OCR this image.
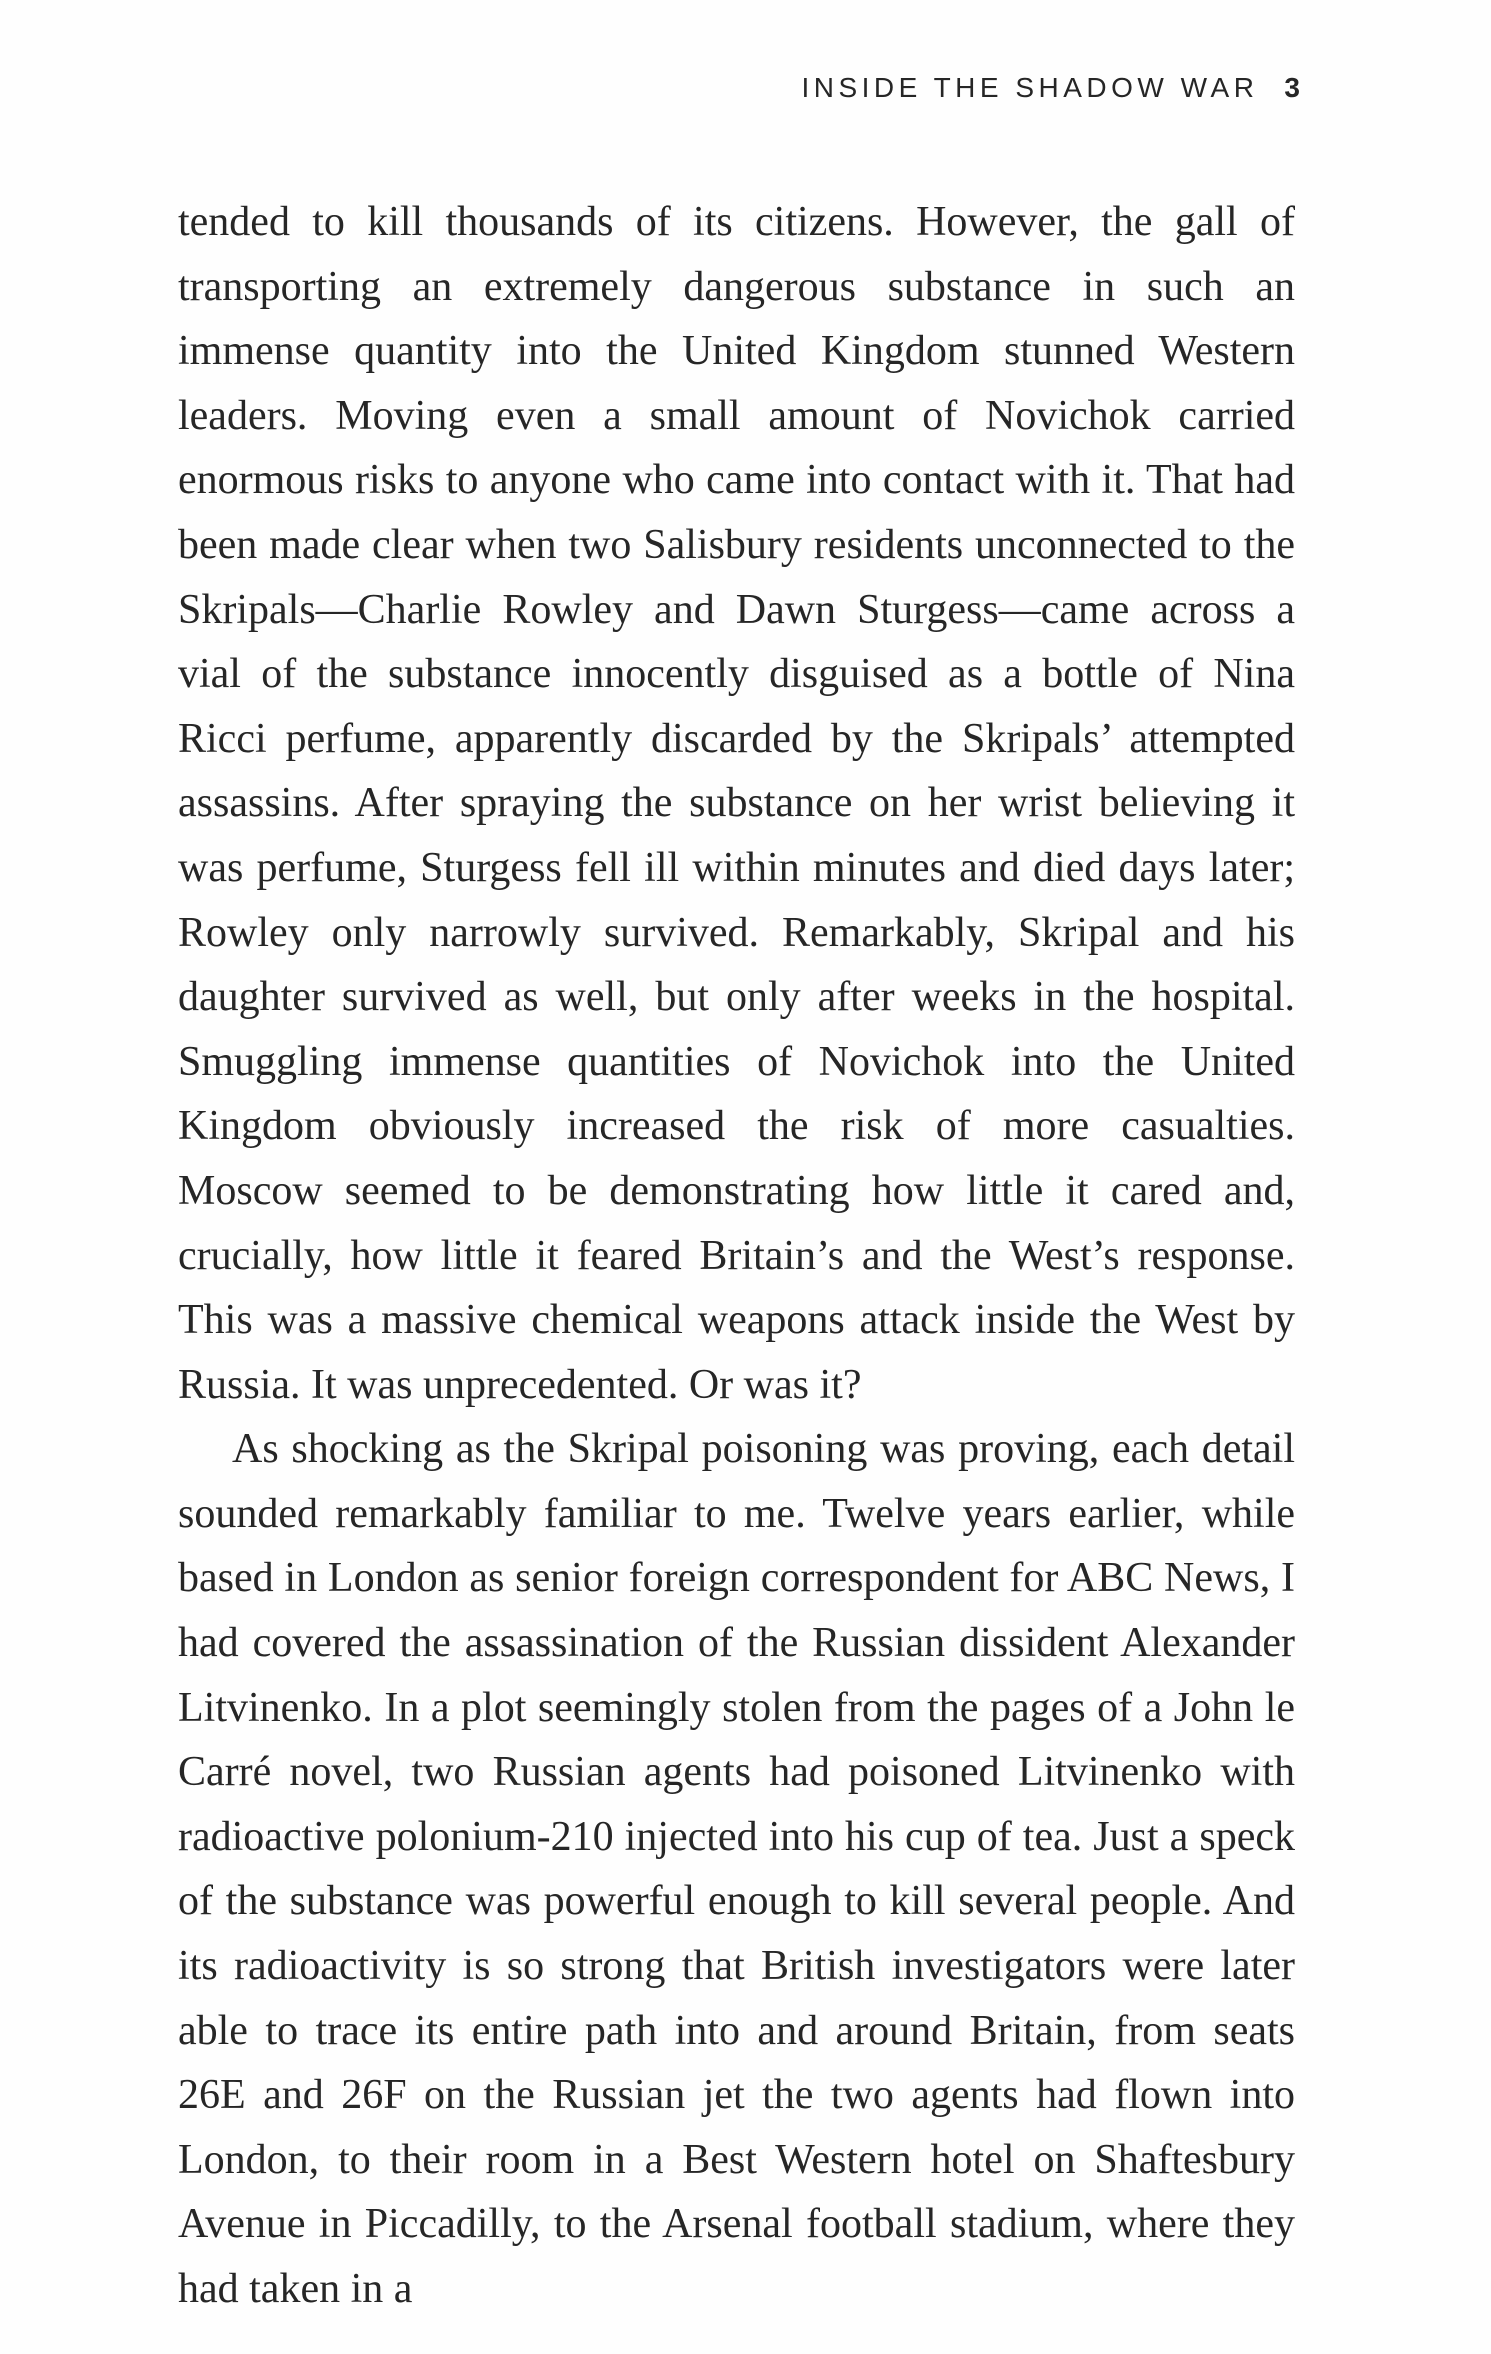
INSIDE THE SHADOW WAR 3

tended to kill thousands of its citizens. However, the gall of transporting an extremely dangerous substance in such an immense quantity into the United Kingdom stunned Western leaders. Moving even a small amount of Novichok carried enormous risks to anyone who came into contact with it. That had been made clear when two Salisbury residents unconnected to the Skripals—Charlie Rowley and Dawn Sturgess—came across a vial of the substance innocently disguised as a bottle of Nina Ricci perfume, apparently discarded by the Skripals’ attempted assassins. After spraying the substance on her wrist believing it was perfume, Sturgess fell ill within minutes and died days later; Rowley only narrowly survived. Remarkably, Skripal and his daughter survived as well, but only after weeks in the hospital. Smuggling immense quantities of Novichok into the United Kingdom obviously increased the risk of more casualties. Moscow seemed to be demonstrating how little it cared and, crucially, how little it feared Britain’s and the West’s response. This was a massive chemical weapons attack inside the West by Russia. It was unprecedented. Or was it?

As shocking as the Skripal poisoning was proving, each detail sounded remarkably familiar to me. Twelve years earlier, while based in London as senior foreign correspondent for ABC News, I had covered the assassination of the Russian dissident Alexander Litvinenko. In a plot seemingly stolen from the pages of a John le Carré novel, two Russian agents had poisoned Litvinenko with radioactive polonium-210 injected into his cup of tea. Just a speck of the substance was powerful enough to kill several people. And its radioactivity is so strong that British investigators were later able to trace its entire path into and around Britain, from seats 26E and 26F on the Russian jet the two agents had flown into London, to their room in a Best Western hotel on Shaftesbury Avenue in Piccadilly, to the Arsenal football stadium, where they had taken in a
